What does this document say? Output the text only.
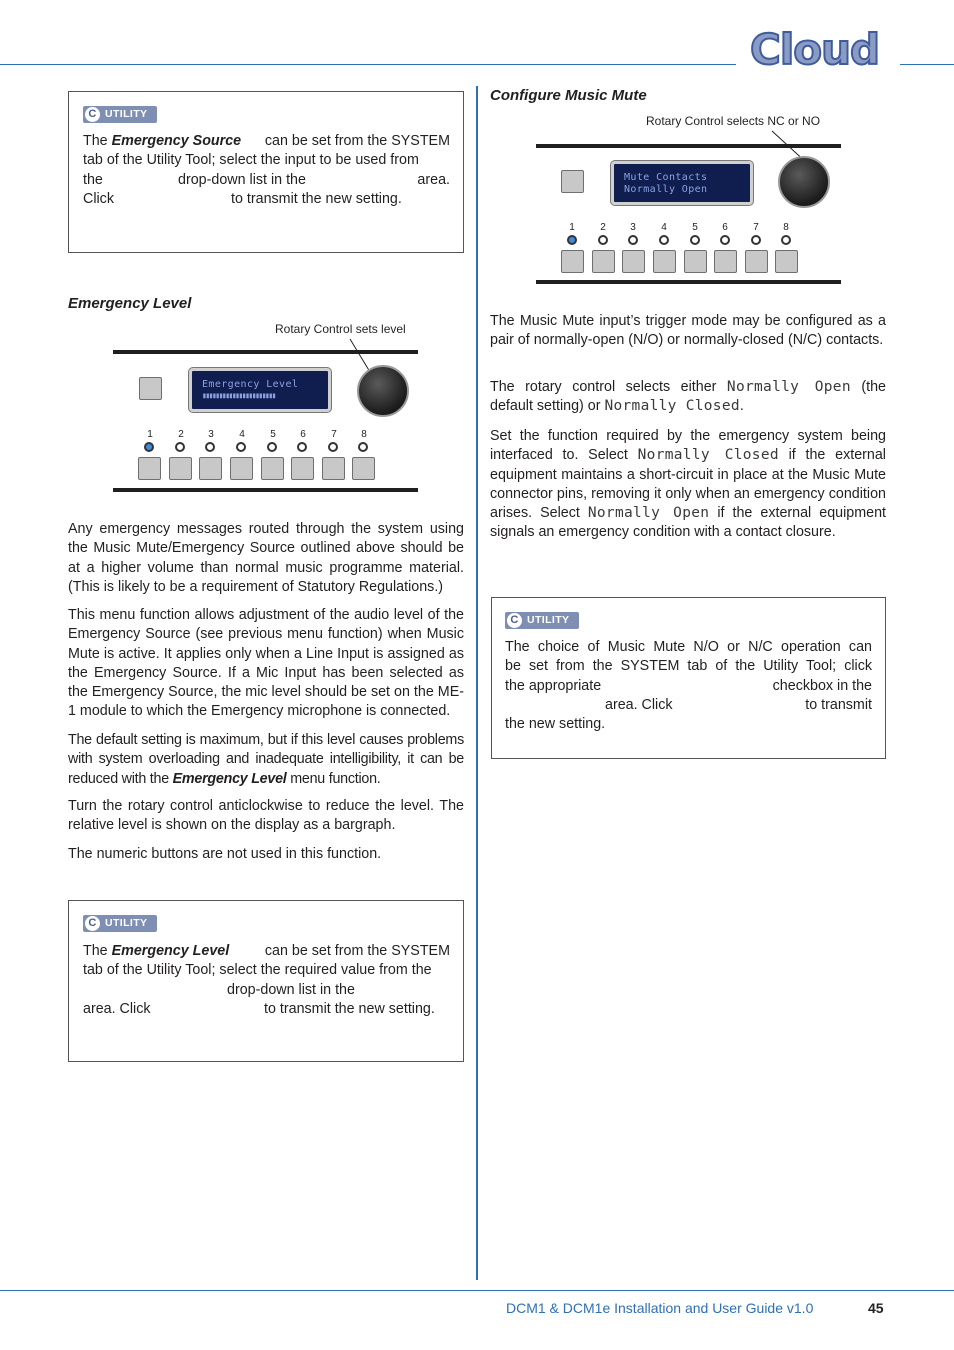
Cloud
C UTILITY
The Emergency Source can be set from the SYSTEM
tab of the Utility Tool; select the input to be used from
the	drop-down list in the	area.
Click	to transmit the new setting.
Emergency Level
Rotary Control sets level
Emergency Level
▮▮▮▮▮▮▮▮▮▮▮▮▮▮▮▮▮▮▮▮▮▮
1	2	3	4	5	6	7	8
Any emergency messages routed through the system using the Music Mute/Emergency Source outlined above should be at a higher volume than normal music programme material. (This is likely to be a requirement of Statutory Regulations.)
This menu function allows adjustment of the audio level of the Emergency Source (see previous menu function) when Music Mute is active. It applies only when a Line Input is assigned as the Emergency Source. If a Mic Input has been selected as the Emergency Source, the mic level should be set on the ME-1 module to which the Emergency microphone is connected.
The default setting is maximum, but if this level causes problems with system overloading and inadequate intelligibility, it can be reduced with the Emergency Level menu function.
Turn the rotary control anticlockwise to reduce the level. The relative level is shown on the display as a bargraph.
The numeric buttons are not used in this function.
C UTILITY
The Emergency Level can be set from the SYSTEM
tab of the Utility Tool; select the required value from the
drop-down list in the
area. Click	to transmit the new setting.
Configure Music Mute
Rotary Control selects NC or NO
Mute Contacts
Normally Open
1	2	3	4	5	6	7	8
The Music Mute input’s trigger mode may be configured as a pair of normally-open (N/O) or normally-closed (N/C) contacts.
The rotary control selects either Normally Open (the default setting) or Normally Closed.
Set the function required by the emergency system being interfaced to. Select Normally Closed if the external equipment maintains a short-circuit in place at the Music Mute connector pins, removing it only when an emergency condition arises. Select Normally Open if the external equipment signals an emergency condition with a contact closure.
C UTILITY
The choice of Music Mute N/O or N/C operation can
be set from the SYSTEM tab of the Utility Tool; click
the appropriate	checkbox in the
area. Click	to transmit
the new setting.
DCM1 & DCM1e Installation and User Guide v1.0	45
